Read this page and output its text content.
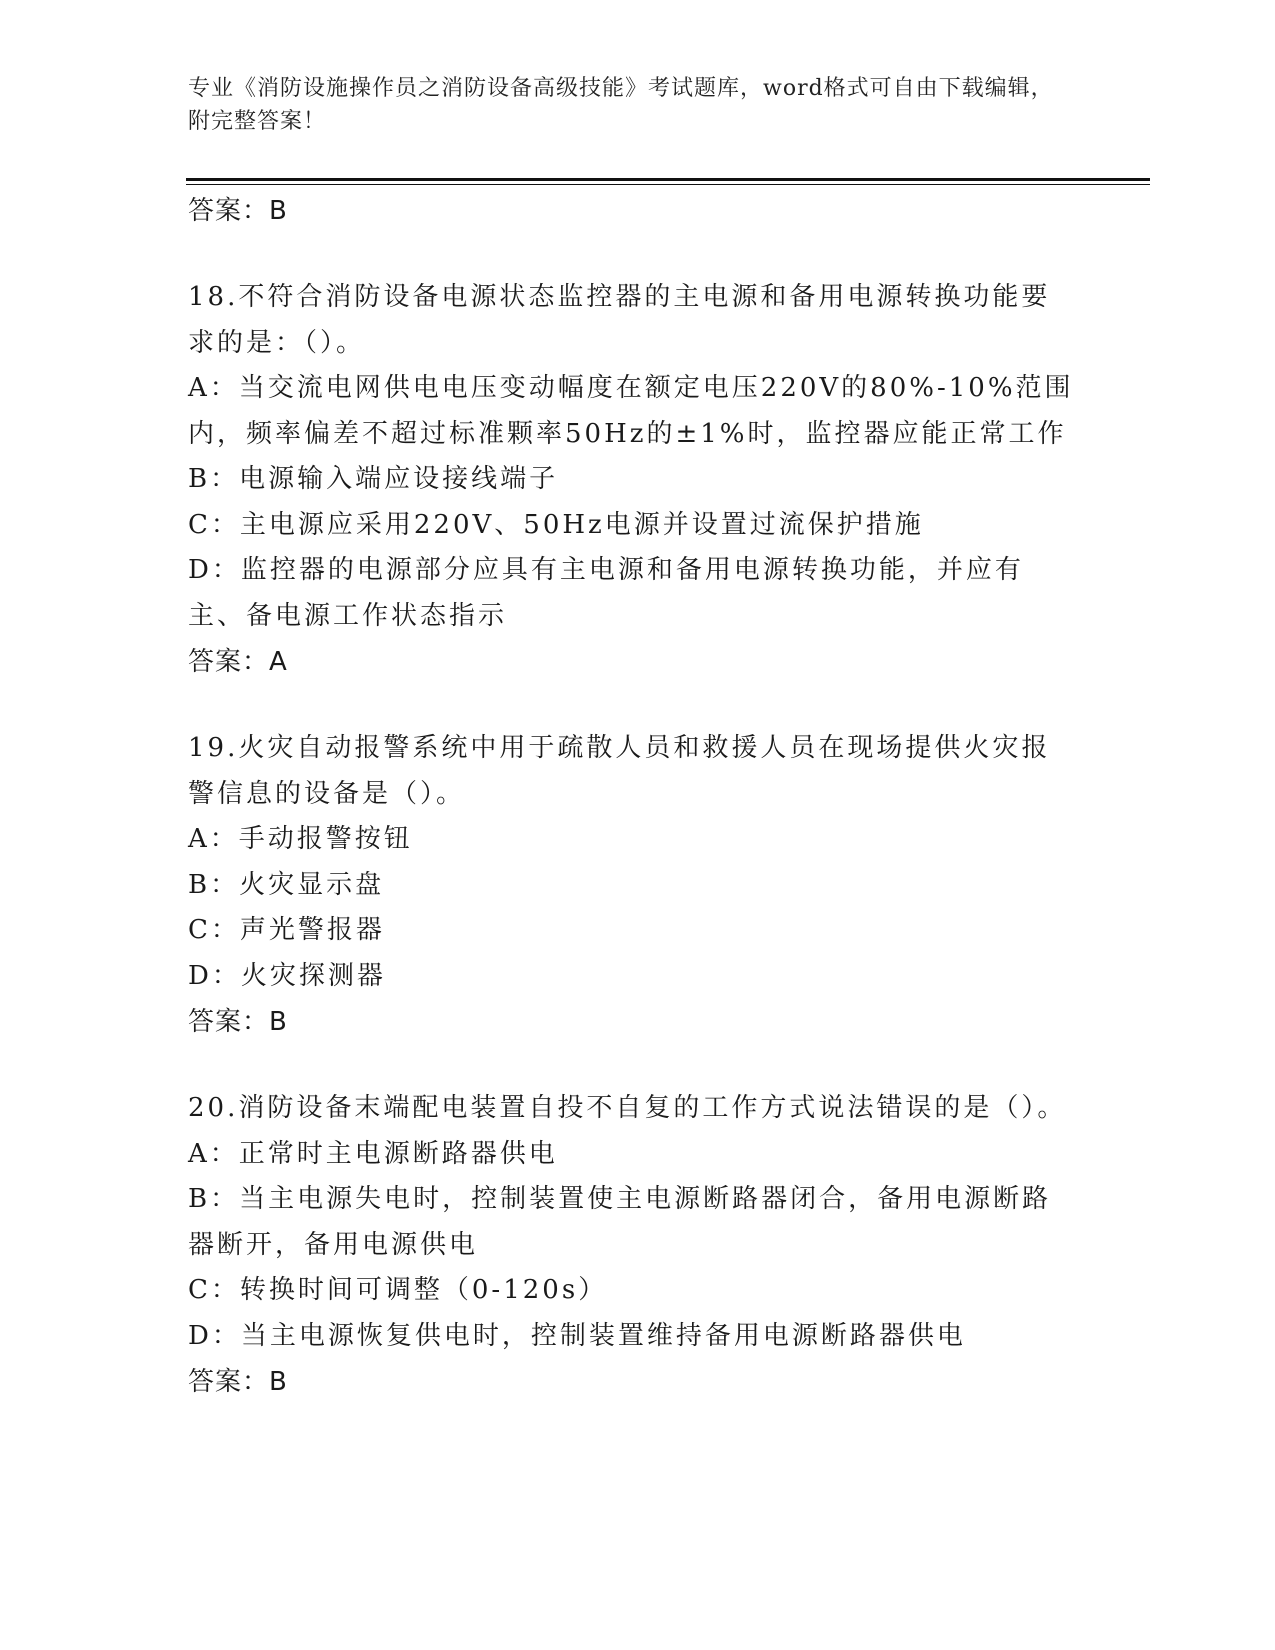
专业《消防设施操作员之消防设备高级技能》考试题库，word格式可自由下载编辑，附完整答案！

答案：B

18.不符合消防设备电源状态监控器的主电源和备用电源转换功能要求的是：（）。

A：当交流电网供电电压变动幅度在额定电压220V的80%-10%范围内，频率偏差不超过标准颗率50Hz的±1%时，监控器应能正常工作

B：电源输入端应设接线端子

C：主电源应采用220V、50Hz电源并设置过流保护措施

D：监控器的电源部分应具有主电源和备用电源转换功能，并应有主、备电源工作状态指示

答案：A

19.火灾自动报警系统中用于疏散人员和救援人员在现场提供火灾报警信息的设备是（）。

A：手动报警按钮

B：火灾显示盘

C：声光警报器

D：火灾探测器

答案：B

20.消防设备末端配电装置自投不自复的工作方式说法错误的是（）。

A：正常时主电源断路器供电

B：当主电源失电时，控制装置使主电源断路器闭合，备用电源断路器断开，备用电源供电

C：转换时间可调整（0-120s）

D：当主电源恢复供电时，控制装置维持备用电源断路器供电

答案：B
